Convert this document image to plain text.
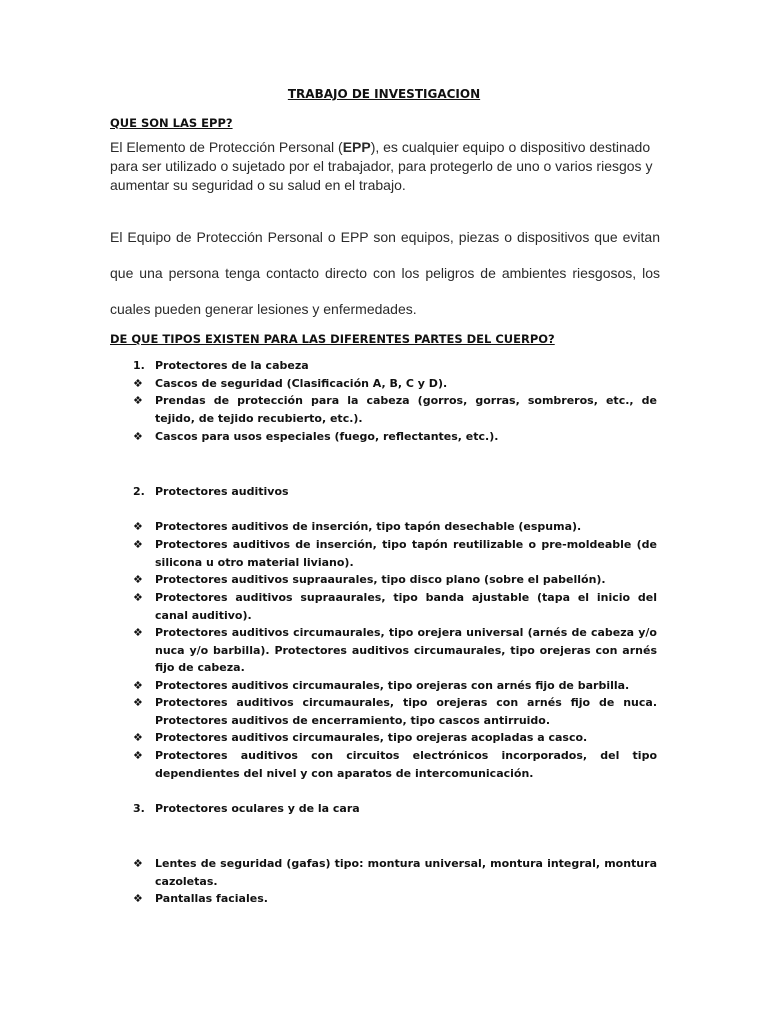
TRABAJO DE INVESTIGACION
QUE SON LAS EPP?
El Elemento de Protección Personal (EPP), es cualquier equipo o dispositivo destinado para ser utilizado o sujetado por el trabajador, para protegerlo de uno o varios riesgos y aumentar su seguridad o su salud en el trabajo.
El Equipo de Protección Personal o EPP son equipos, piezas o dispositivos que evitan
que una persona tenga contacto directo con los peligros de ambientes riesgosos, los
cuales pueden generar lesiones y enfermedades.
DE QUE TIPOS EXISTEN PARA LAS DIFERENTES PARTES DEL CUERPO?
1. Protectores de la cabeza
❖	Cascos de seguridad (Clasificación A, B, C y D).
❖	Prendas de protección para la cabeza (gorros, gorras, sombreros, etc., de tejido, de tejido recubierto, etc.).
❖	Cascos para usos especiales (fuego, reflectantes, etc.).
2. Protectores auditivos
❖	Protectores auditivos de inserción, tipo tapón desechable (espuma).
❖	Protectores auditivos de inserción, tipo tapón reutilizable o pre-moldeable (de silicona u otro material liviano).
❖	Protectores auditivos supraaurales, tipo disco plano (sobre el pabellón).
❖	Protectores auditivos supraaurales, tipo banda ajustable (tapa el inicio del canal auditivo).
❖	Protectores auditivos circumaurales, tipo orejera universal (arnés de cabeza y/o nuca y/o barbilla). Protectores auditivos circumaurales, tipo orejeras con arnés fijo de cabeza.
❖	Protectores auditivos circumaurales, tipo orejeras con arnés fijo de barbilla.
❖	Protectores auditivos circumaurales, tipo orejeras con arnés fijo de nuca. Protectores auditivos de encerramiento, tipo cascos antirruido.
❖	Protectores auditivos circumaurales, tipo orejeras acopladas a casco.
❖	Protectores auditivos con circuitos electrónicos incorporados, del tipo dependientes del nivel y con aparatos de intercomunicación.
3. Protectores oculares y de la cara
❖	Lentes de seguridad (gafas) tipo: montura universal, montura integral, montura cazoletas.
❖	Pantallas faciales.
